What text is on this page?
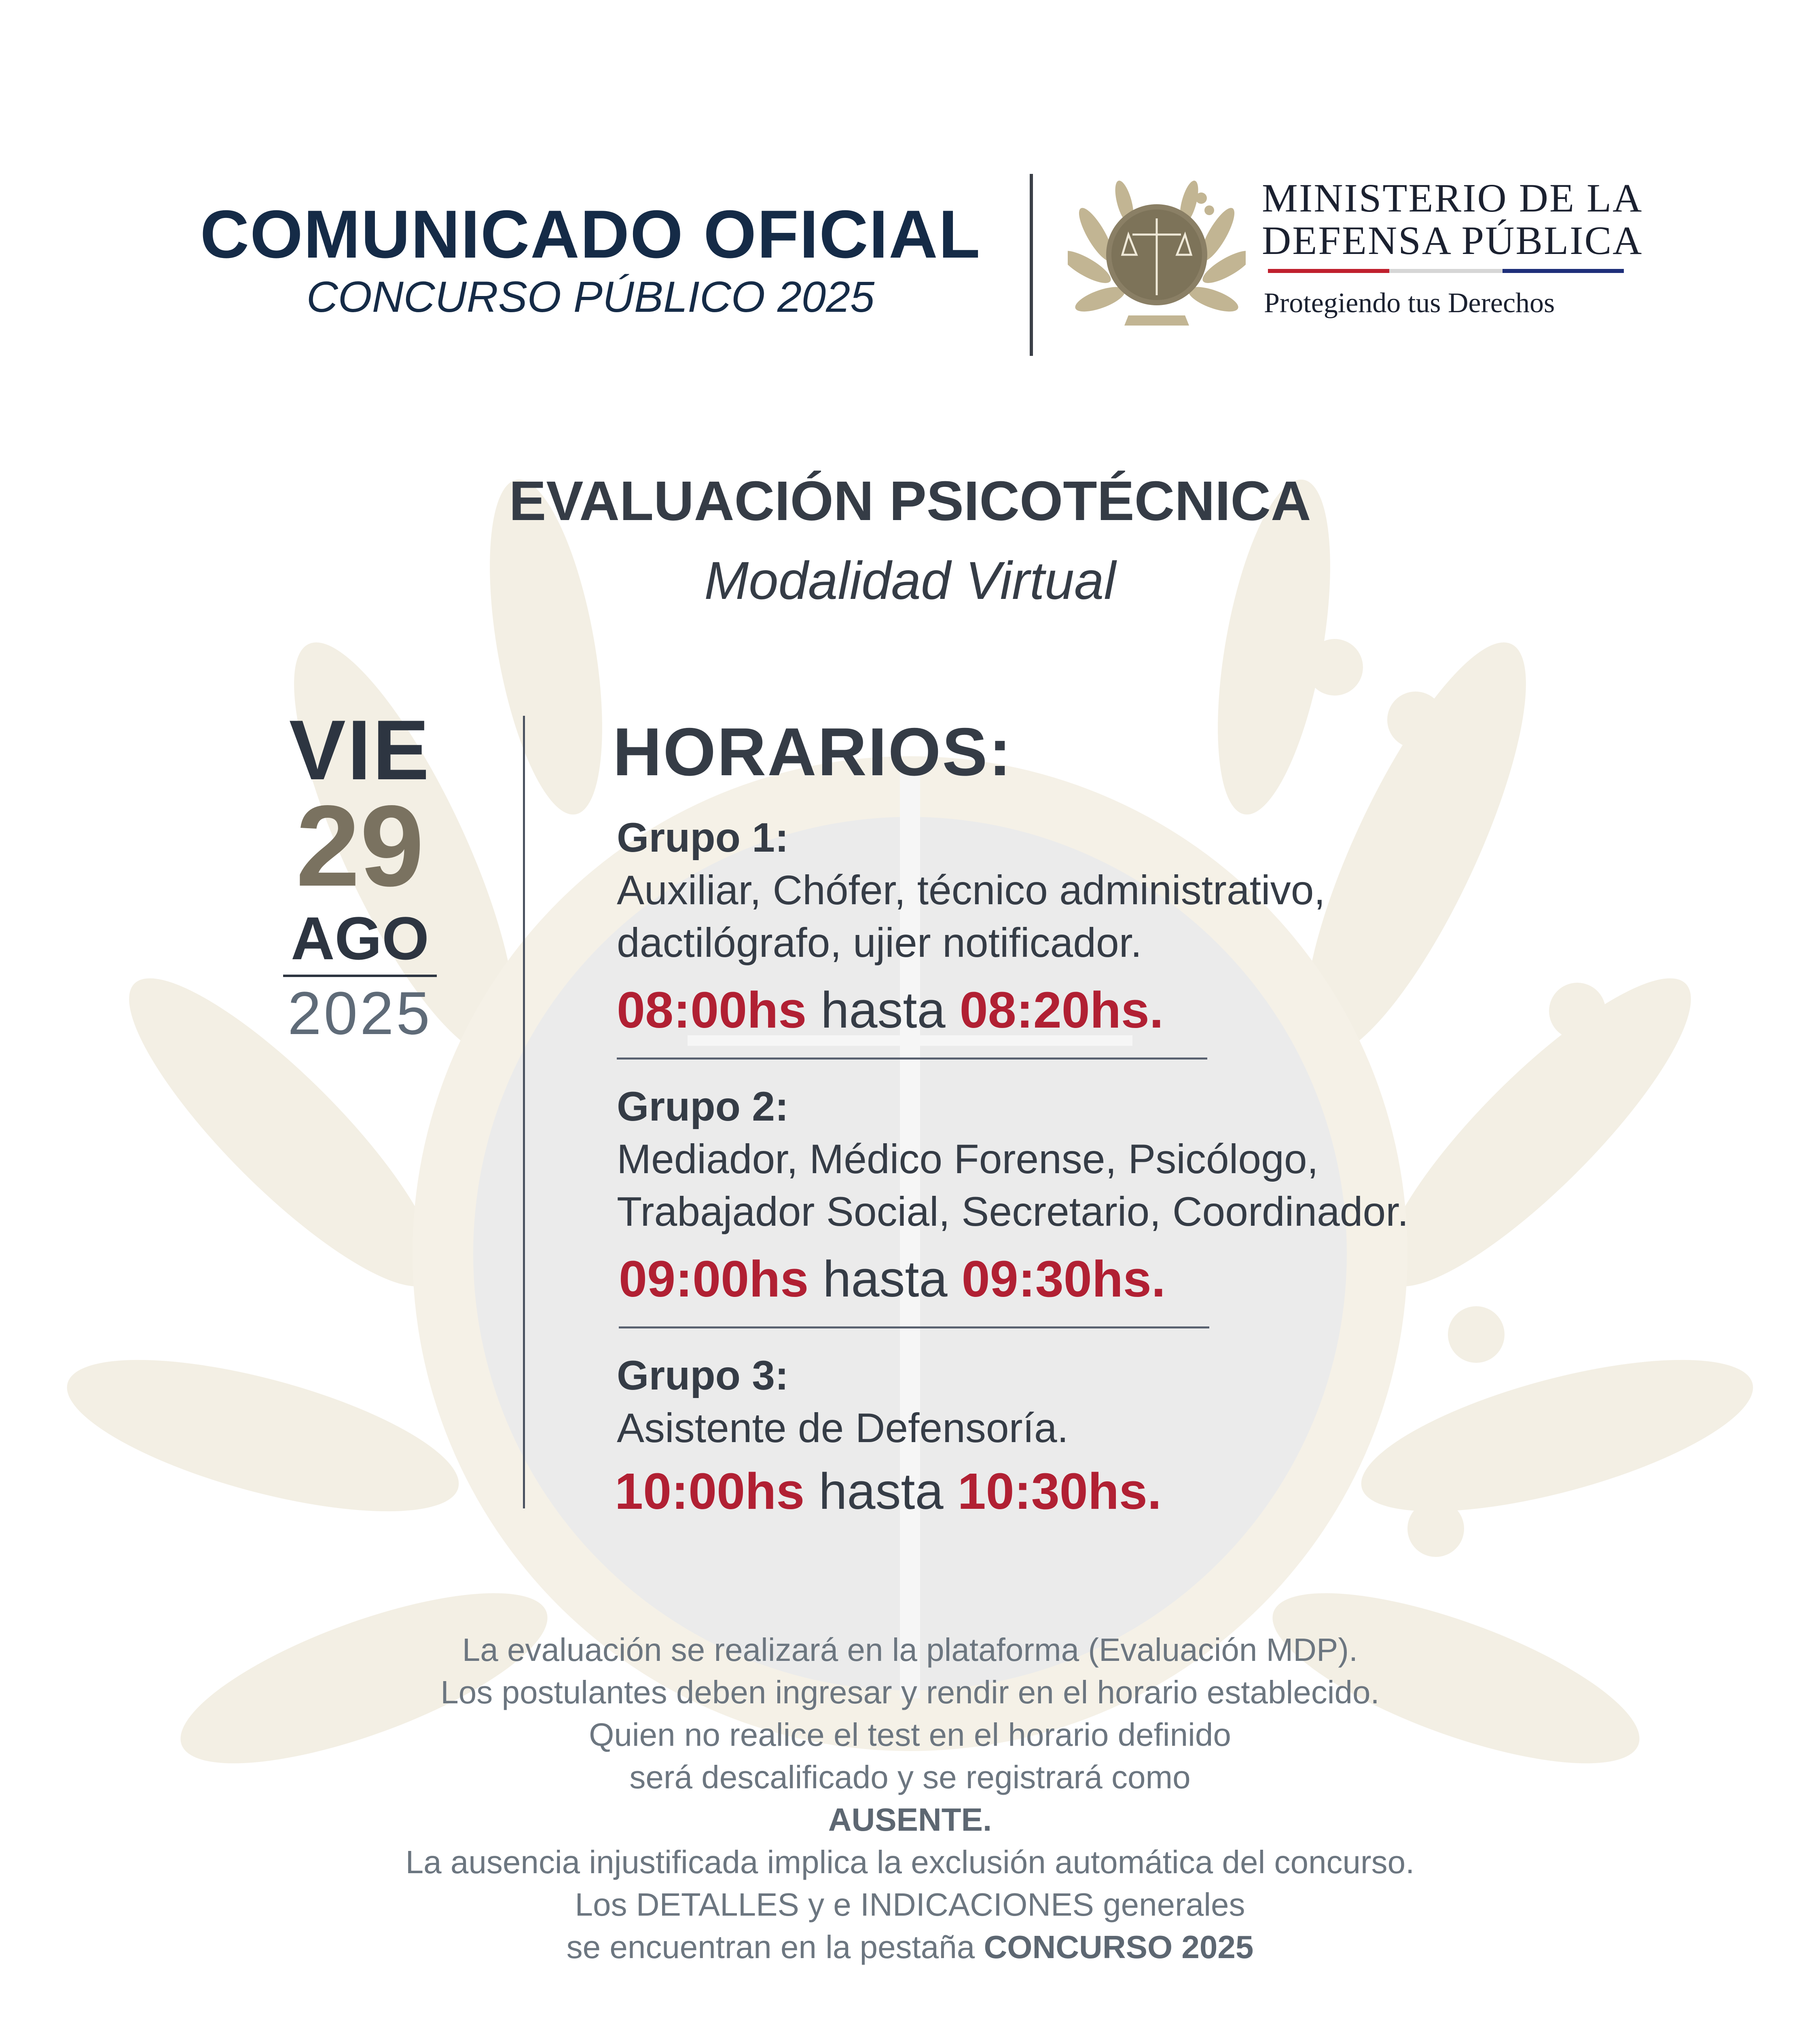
COMUNICADO OFICIAL
CONCURSO PÚBLICO 2025
MINISTERIO DE LA
DEFENSA PÚBLICA
Protegiendo tus Derechos
EVALUACIÓN PSICOTÉCNICA
Modalidad Virtual
VIE
29
AGO
2025
HORARIOS:
Grupo 1:
Auxiliar, Chófer, técnico administrativo,
dactilógrafo, ujier notificador.
08:00hs hasta 08:20hs.
Grupo 2:
Mediador, Médico Forense, Psicólogo,
Trabajador Social, Secretario, Coordinador.
09:00hs hasta 09:30hs.
Grupo 3:
Asistente de Defensoría.
10:00hs hasta 10:30hs.
La evaluación se realizará en la plataforma (Evaluación MDP).
Los postulantes deben ingresar y rendir en el horario establecido.
Quien no realice el test en el horario definido
será descalificado y se registrará como
AUSENTE.
La ausencia injustificada implica la exclusión automática del concurso.
Los DETALLES y e INDICACIONES generales
se encuentran en la pestaña CONCURSO 2025
